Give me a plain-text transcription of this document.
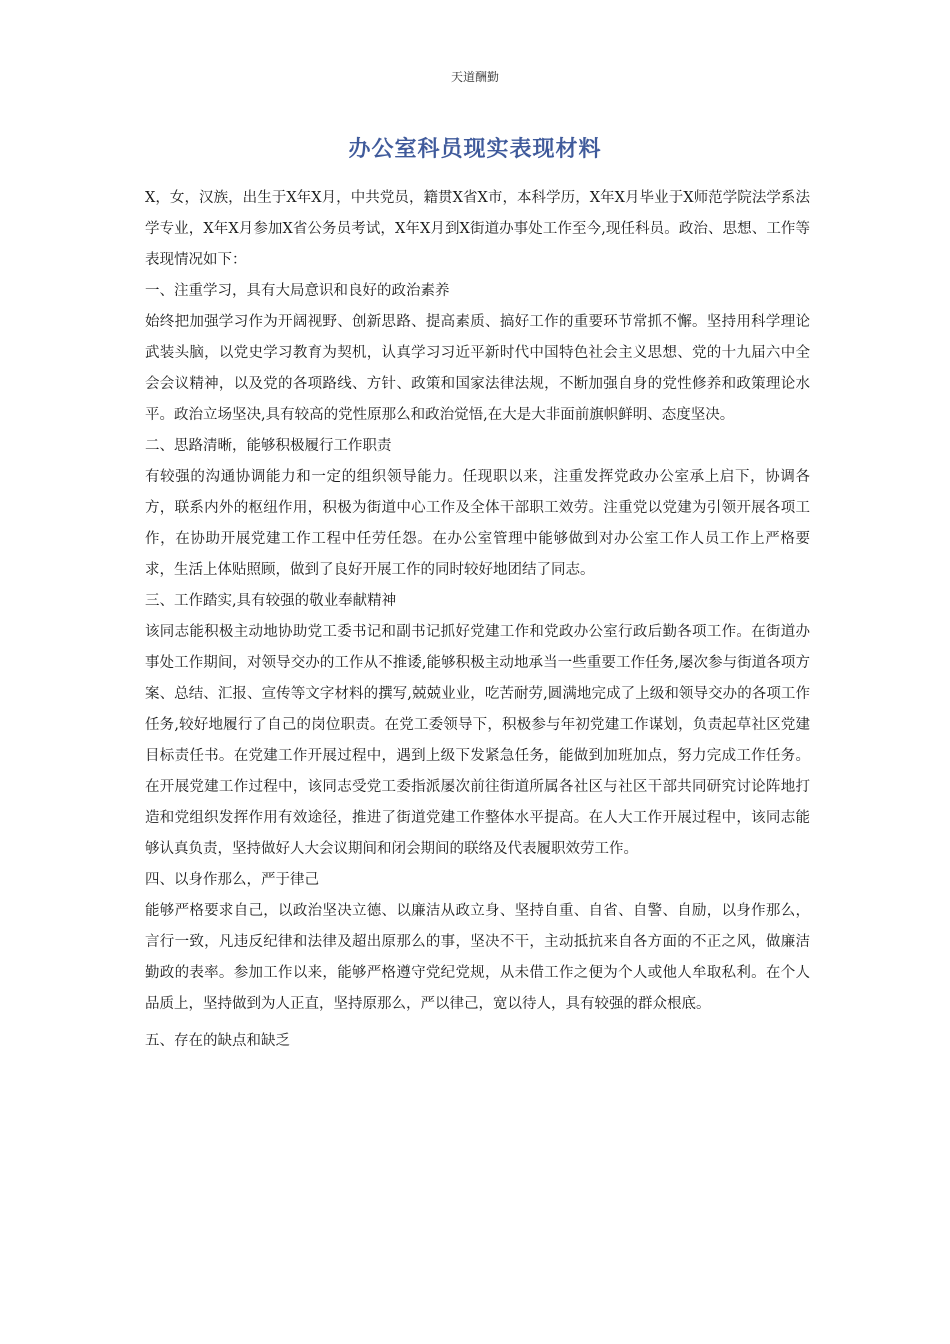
天道酬勤
办公室科员现实表现材料

X，女，汉族，出生于X年X月，中共党员，籍贯X省X市，本科学历，X年X月毕业于X师范学院法学系法学专业，X年X月参加X省公务员考试，X年X月到X街道办事处工作至今,现任科员。政治、思想、工作等表现情况如下：

一、注重学习，具有大局意识和良好的政治素养

始终把加强学习作为开阔视野、创新思路、提高素质、搞好工作的重要环节常抓不懈。坚持用科学理论武装头脑，以党史学习教育为契机，认真学习习近平新时代中国特色社会主义思想、党的十九届六中全会会议精神，以及党的各项路线、方针、政策和国家法律法规，不断加强自身的党性修养和政策理论水平。政治立场坚决,具有较高的党性原那么和政治觉悟,在大是大非面前旗帜鲜明、态度坚决。

二、思路清晰，能够积极履行工作职责

有较强的沟通协调能力和一定的组织领导能力。任现职以来，注重发挥党政办公室承上启下，协调各方，联系内外的枢纽作用，积极为街道中心工作及全体干部职工效劳。注重党以党建为引领开展各项工作，在协助开展党建工作工程中任劳任怨。在办公室管理中能够做到对办公室工作人员工作上严格要求，生活上体贴照顾，做到了良好开展工作的同时较好地团结了同志。

三、工作踏实,具有较强的敬业奉献精神

该同志能积极主动地协助党工委书记和副书记抓好党建工作和党政办公室行政后勤各项工作。在街道办事处工作期间，对领导交办的工作从不推诿,能够积极主动地承当一些重要工作任务,屡次参与街道各项方案、总结、汇报、宣传等文字材料的撰写,兢兢业业，吃苦耐劳,圆满地完成了上级和领导交办的各项工作任务,较好地履行了自己的岗位职责。在党工委领导下，积极参与年初党建工作谋划，负责起草社区党建目标责任书。在党建工作开展过程中，遇到上级下发紧急任务，能做到加班加点，努力完成工作任务。在开展党建工作过程中，该同志受党工委指派屡次前往街道所属各社区与社区干部共同研究讨论阵地打造和党组织发挥作用有效途径，推进了街道党建工作整体水平提高。在人大工作开展过程中，该同志能够认真负责，坚持做好人大会议期间和闭会期间的联络及代表履职效劳工作。

四、以身作那么，严于律己

能够严格要求自己，以政治坚决立德、以廉洁从政立身、坚持自重、自省、自警、自励，以身作那么，言行一致，凡违反纪律和法律及超出原那么的事，坚决不干，主动抵抗来自各方面的不正之风，做廉洁勤政的表率。参加工作以来，能够严格遵守党纪党规，从未借工作之便为个人或他人牟取私利。在个人品质上，坚持做到为人正直，坚持原那么，严以律己，宽以待人，具有较强的群众根底。

五、存在的缺点和缺乏
